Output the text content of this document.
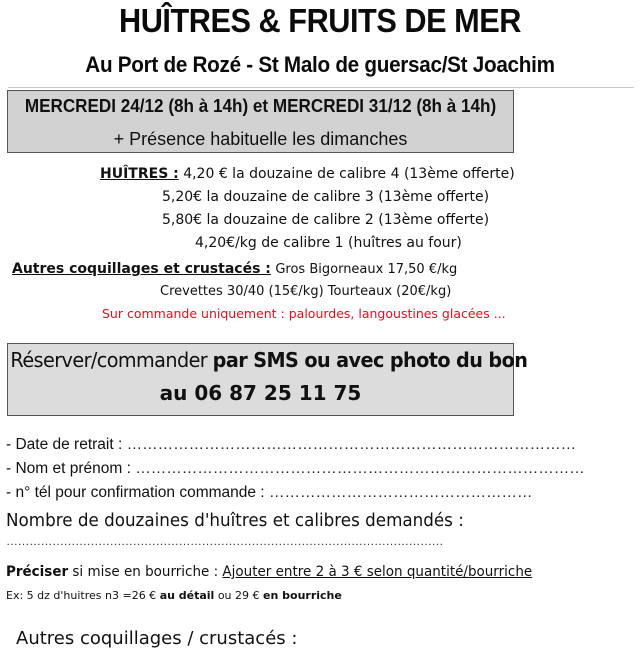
HUÎTRES & FRUITS DE MER
Au Port de Rozé - St Malo de guersac/St Joachim
MERCREDI 24/12 (8h à 14h) et MERCREDI 31/12 (8h à 14h)
+ Présence habituelle les dimanches
HUÎTRES : 4,20 € la douzaine de calibre 4 (13ème offerte)
5,20€ la douzaine de calibre 3 (13ème offerte)
5,80€ la douzaine de calibre 2 (13ème offerte)
4,20€/kg de calibre 1 (huîtres au four)
Autres coquillages et crustacés : Gros Bigorneaux 17,50 €/kg
Crevettes 30/40 (15€/kg) Tourteaux (20€/kg)
Sur commande uniquement : palourdes, langoustines glacées ...
Réserver/commander par SMS ou avec photo du bon
au 06 87 25 11 75
- Date de retrait : ……………………………………………………………………………
- Nom et prénom : ……………………………………………………………………………
- n° tél pour confirmation commande : ……………………………………………
Nombre de douzaines d'huîtres et calibres demandés :
……………………………………………………………………………………………………
Préciser si mise en bourriche : Ajouter entre 2 à 3 € selon quantité/bourriche
Ex: 5 dz d'huitres n3 =26 € au détail ou 29 € en bourriche
Autres coquillages / crustacés :
